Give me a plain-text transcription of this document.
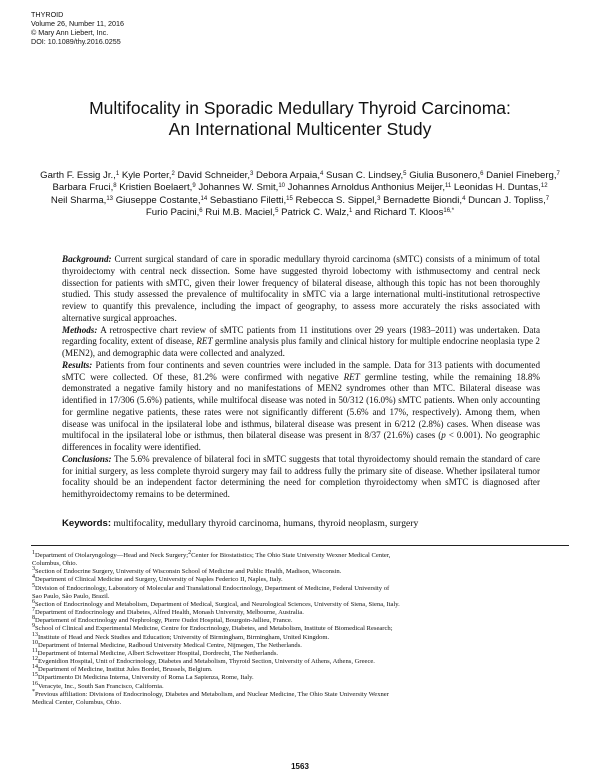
THYROID
Volume 26, Number 11, 2016
© Mary Ann Liebert, Inc.
DOI: 10.1089/thy.2016.0255
Multifocality in Sporadic Medullary Thyroid Carcinoma:
An International Multicenter Study
Garth F. Essig Jr.,$^1$ Kyle Porter,$^2$ David Schneider,$^3$ Debora Arpaia,$^4$ Susan C. Lindsey,$^5$ Giulia Busonero,$^6$ Daniel Fineberg,$^7$ Barbara Fruci,$^8$ Kristien Boelaert,$^9$ Johannes W. Smit,$^{10}$ Johannes Arnoldus Anthonius Meijer,$^{11}$ Leonidas H. Duntas,$^{12}$ Neil Sharma,$^{13}$ Giuseppe Costante,$^{14}$ Sebastiano Filetti,$^{15}$ Rebecca S. Sippel,$^3$ Bernadette Biondi,$^4$ Duncan J. Topliss,$^7$ Furio Pacini,$^6$ Rui M.B. Maciel,$^5$ Patrick C. Walz,$^1$ and Richard T. Kloos$^{16,*}$

Background: Current surgical standard of care in sporadic medullary thyroid carcinoma (sMTC) consists of a minimum of total thyroidectomy with central neck dissection. Some have suggested thyroid lobectomy with isthmusectomy and central neck dissection for patients with sMTC, given their lower frequency of bilateral disease, although this topic has not been thoroughly studied. This study assessed the prevalence of multifocality in sMTC via a large international multi-institutional retrospective review to quantify this prevalence, including the impact of geography, to assess more accurately the risks associated with alternative surgical approaches.

Methods: A retrospective chart review of sMTC patients from 11 institutions over 29 years (1983–2011) was undertaken. Data regarding focality, extent of disease, RET germline analysis plus family and clinical history for multiple endocrine neoplasia type 2 (MEN2), and demographic data were collected and analyzed.

Results: Patients from four continents and seven countries were included in the sample. Data for 313 patients with documented sMTC were collected. Of these, 81.2% were confirmed with negative RET germline testing, while the remaining 18.8% demonstrated a negative family history and no manifestations of MEN2 syndromes other than MTC. Bilateral disease was identified in 17/306 (5.6%) patients, while multifocal disease was noted in 50/312 (16.0%) sMTC patients. When only accounting for germline negative patients, these rates were not significantly different (5.6% and 17%, respectively). Among them, when disease was unifocal in the ipsilateral lobe and isthmus, bilateral disease was present in 6/212 (2.8%) cases. When disease was multifocal in the ipsilateral lobe or isthmus, then bilateral disease was present in 8/37 (21.6%) cases (p < 0.001). No geographic differences in focality were identified.

Conclusions: The 5.6% prevalence of bilateral foci in sMTC suggests that total thyroidectomy should remain the standard of care for initial surgery, as less complete thyroid surgery may fail to address fully the primary site of disease. Whether ipsilateral tumor focality should be an independent factor determining the need for completion thyroidectomy when sMTC is diagnosed after hemithyroidectomy remains to be determined.

Keywords: multifocality, medullary thyroid carcinoma, humans, thyroid neoplasm, surgery
$^1$Department of Otolaryngology—Head and Neck Surgery;$^2$Center for Biostatistics; The Ohio State University Wexner Medical Center,
Columbus, Ohio.
$^3$Section of Endocrine Surgery, University of Wisconsin School of Medicine and Public Health, Madison, Wisconsin.
$^4$Department of Clinical Medicine and Surgery, University of Naples Federico II, Naples, Italy.
$^5$Division of Endocrinology, Laboratory of Molecular and Translational Endocrinology, Department of Medicine, Federal University of
Sao Paulo, São Paulo, Brazil.
$^6$Section of Endocrinology and Metabolism, Department of Medical, Surgical, and Neurological Sciences, University of Siena, Siena, Italy.
$^7$Department of Endocrinology and Diabetes, Alfred Health, Monash University, Melbourne, Australia.
$^8$Departement of Endocrinology and Nephrology, Pierre Oudot Hospital, Bourgoin-Jallieu, France.
$^9$School of Clinical and Experimental Medicine, Centre for Endocrinology, Diabetes, and Metabolism, Institute of Biomedical Research;
$^{13}$Institute of Head and Neck Studies and Education; University of Birmingham, Birmingham, United Kingdom.
$^{10}$Department of Internal Medicine, Radboud University Medical Centre, Nijmegen, The Netherlands.
$^{11}$Department of Internal Medicine, Albert Schweitzer Hospital, Dordrecht, The Netherlands.
$^{12}$Evgenidion Hospital, Unit of Endocrinology, Diabetes and Metabolism, Thyroid Section, University of Athens, Athens, Greece.
$^{14}$Department of Medicine, Institut Jules Bordet, Brussels, Belgium.
$^{15}$Dipartimento Di Medicina Interna, University of Roma La Sapienza, Rome, Italy.
$^{16}$Veracyte, Inc., South San Francisco, California.
*Previous affiliation: Divisions of Endocrinology, Diabetes and Metabolism, and Nuclear Medicine, The Ohio State University Wexner
Medical Center, Columbus, Ohio.
1563
